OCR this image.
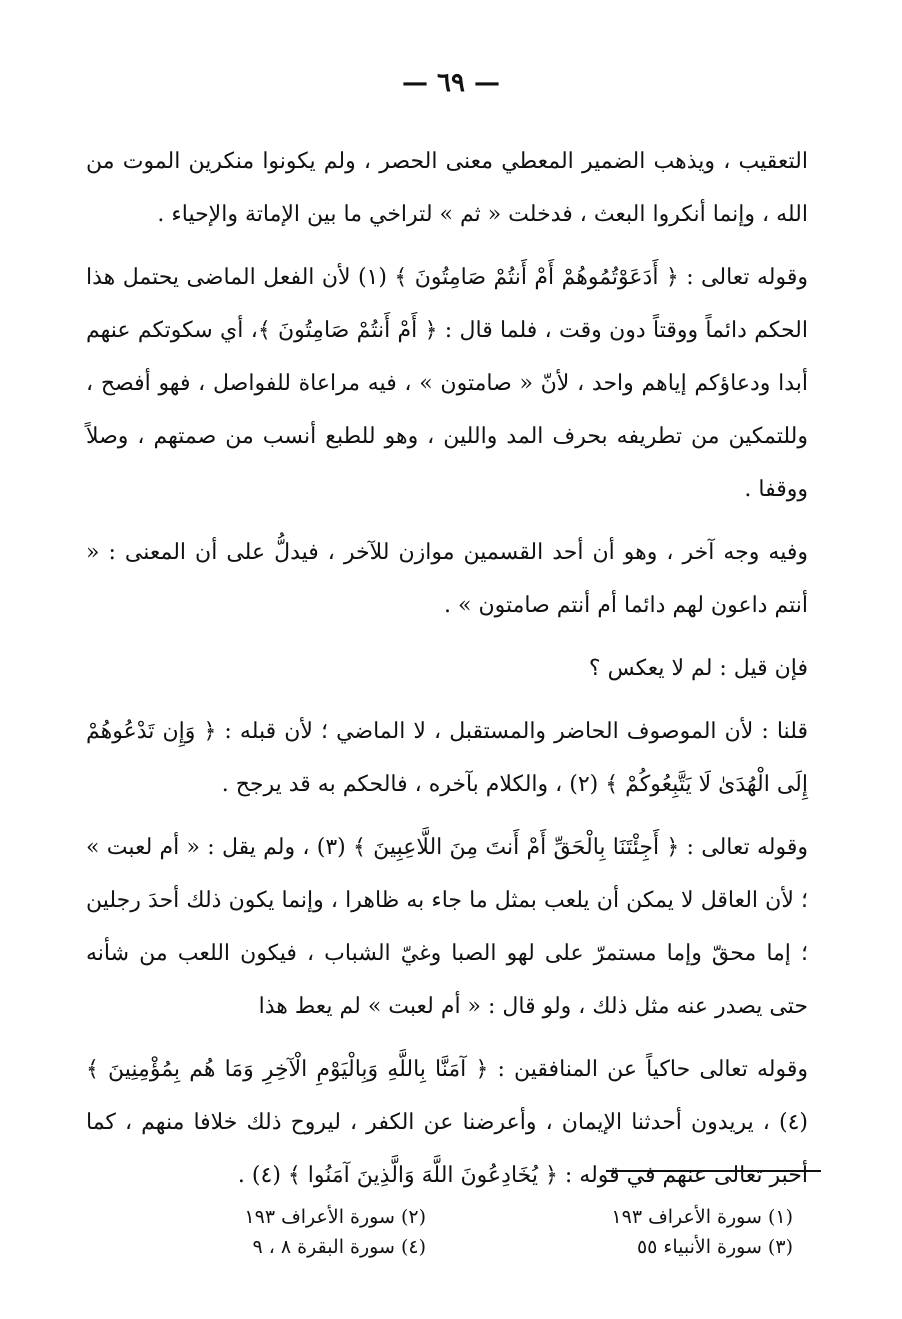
— ٦٩ —

التعقيب ، ويذهب الضمير المعطي معنى الحصر ، ولم يكونوا منكرين الموت من الله ، وإنما أنكروا البعث ، فدخلت « ثم » لتراخي ما بين الإماتة والإحياء .

وقوله تعالى : ﴿ أَدَعَوْتُمُوهُمْ أَمْ أَنتُمْ صَامِتُونَ ﴾ (١) لأن الفعل الماضى يحتمل هذا الحكم دائماً ووقتاً دون وقت ، فلما قال : ﴿ أَمْ أَنتُمْ صَامِتُونَ ﴾، أي سكوتكم عنهم أبدا ودعاؤكم إياهم واحد ، لأنّ « صامتون » ، فيه مراعاة للفواصل ، فهو أفصح ، وللتمكين من تطريفه بحرف المد واللين ، وهو للطبع أنسب من صمتهم ، وصلاً ووقفا .

وفيه وجه آخر ، وهو أن أحد القسمين موازن للآخر ، فيدلُّ على أن المعنى : « أنتم داعون لهم دائما أم أنتم صامتون » .

فإن قيل : لم لا يعكس ؟

قلنا : لأن الموصوف الحاضر والمستقبل ، لا الماضي ؛ لأن قبله : ﴿ وَإِن تَدْعُوهُمْ إِلَى الْهُدَىٰ لَا يَتَّبِعُوكُمْ ﴾ (٢) ، والكلام بآخره ، فالحكم به قد يرجح .

وقوله تعالى : ﴿ أَجِئْتَنَا بِالْحَقِّ أَمْ أَنتَ مِنَ اللَّاعِبِينَ ﴾ (٣) ، ولم يقل : « أم لعبت » ؛ لأن العاقل لا يمكن أن يلعب بمثل ما جاء به ظاهرا ، وإنما يكون ذلك أحدَ رجلين ؛ إما محقّ وإما مستمرّ على لهو الصبا وغيّ الشباب ، فيكون اللعب من شأنه حتى يصدر عنه مثل ذلك ، ولو قال : « أم لعبت » لم يعط هذا

وقوله تعالى حاكياً عن المنافقين : ﴿ آمَنَّا بِاللَّهِ وَبِالْيَوْمِ الْآخِرِ وَمَا هُم بِمُؤْمِنِينَ ﴾ (٤) ، يريدون أحدثنا الإيمان ، وأعرضنا عن الكفر ، ليروح ذلك خلافا منهم ، كما أخبر تعالى عنهم في قوله : ﴿ يُخَادِعُونَ اللَّهَ وَالَّذِينَ آمَنُوا ﴾ (٤) .

(١) سورة الأعراف ١٩٣
(٢) سورة الأعراف ١٩٣
(٣) سورة الأنبياء ٥٥
(٤) سورة البقرة ٨ ، ٩
